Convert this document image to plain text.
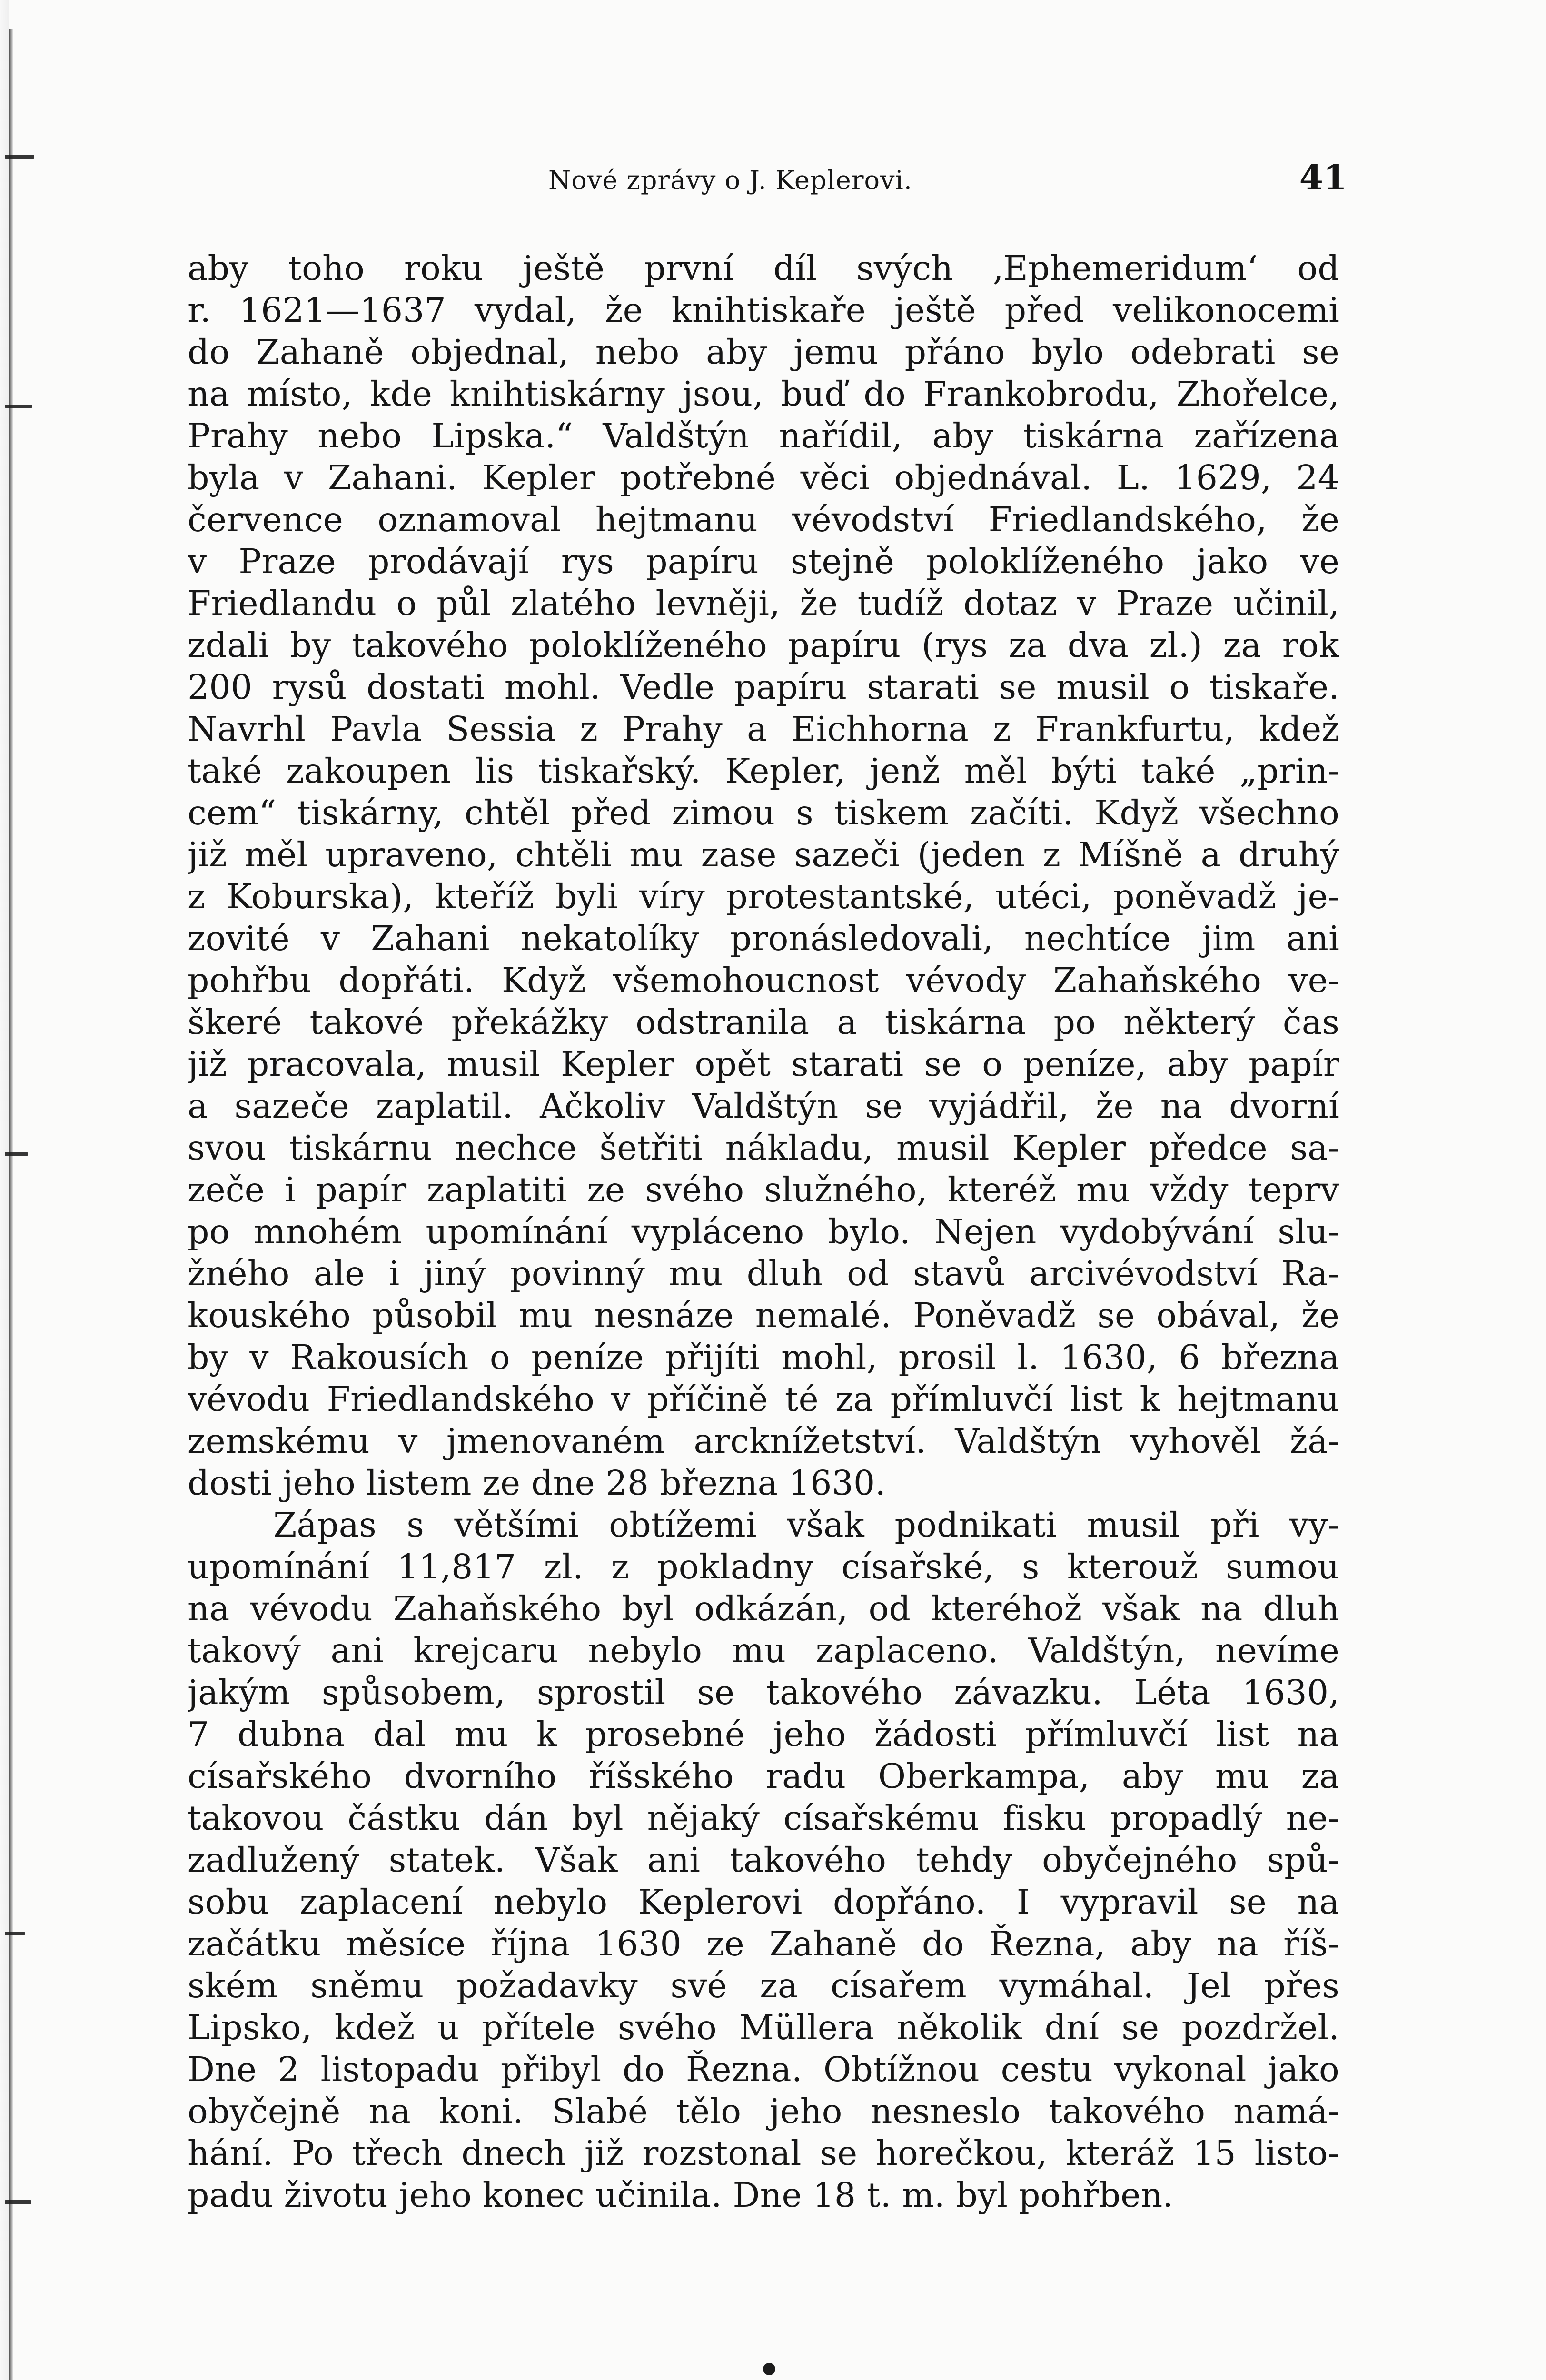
Nové zprávy o J. Keplerovi.	41
aby toho roku ještě první díl svých ‚Ephemeridum‘ od
r. 1621—1637 vydal, že knihtiskaře ještě před velikonocemi
do Zahaně objednal, nebo aby jemu přáno bylo odebrati se
na místo, kde knihtiskárny jsou, buď do Frankobrodu, Zhořelce,
Prahy nebo Lipska.“ Valdštýn nařídil, aby tiskárna zařízena
byla v Zahani. Kepler potřebné věci objednával. L. 1629, 24
července oznamoval hejtmanu vévodství Friedlandského, že
v Praze prodávají rys papíru stejně poloklíženého jako ve
Friedlandu o půl zlatého levněji, že tudíž dotaz v Praze učinil,
zdali by takového poloklíženého papíru (rys za dva zl.) za rok
200 rysů dostati mohl. Vedle papíru starati se musil o tiskaře.
Navrhl Pavla Sessia z Prahy a Eichhorna z Frankfurtu, kdež
také zakoupen lis tiskařský. Kepler, jenž měl býti také „prin-
cem“ tiskárny, chtěl před zimou s tiskem začíti. Když všechno
již měl upraveno, chtěli mu zase sazeči (jeden z Míšně a druhý
z Koburska), kteříž byli víry protestantské, utéci, poněvadž je-
zovité v Zahani nekatolíky pronásledovali, nechtíce jim ani
pohřbu dopřáti. Když všemohoucnost vévody Zahaňského ve-
škeré takové překážky odstranila a tiskárna po některý čas
již pracovala, musil Kepler opět starati se o peníze, aby papír
a sazeče zaplatil. Ačkoliv Valdštýn se vyjádřil, že na dvorní
svou tiskárnu nechce šetřiti nákladu, musil Kepler předce sa-
zeče i papír zaplatiti ze svého služného, kteréž mu vždy teprv
po mnohém upomínání vypláceno bylo. Nejen vydobývání slu-
žného ale i jiný povinný mu dluh od stavů arcivévodství Ra-
kouského působil mu nesnáze nemalé. Poněvadž se obával, že
by v Rakousích o peníze přijíti mohl, prosil l. 1630, 6 března
vévodu Friedlandského v příčině té za přímluvčí list k hejtmanu
zemskému v jmenovaném arcknížetství. Valdštýn vyhověl žá-
dosti jeho listem ze dne 28 března 1630.
Zápas s většími obtížemi však podnikati musil při vy-
upomínání 11,817 zl. z pokladny císařské, s kterouž sumou
na vévodu Zahaňského byl odkázán, od kteréhož však na dluh
takový ani krejcaru nebylo mu zaplaceno. Valdštýn, nevíme
jakým spůsobem, sprostil se takového závazku. Léta 1630,
7 dubna dal mu k prosebné jeho žádosti přímluvčí list na
císařského dvorního říšského radu Oberkampa, aby mu za
takovou částku dán byl nějaký císařskému fisku propadlý ne-
zadlužený statek. Však ani takového tehdy obyčejného spů-
sobu zaplacení nebylo Keplerovi dopřáno. I vypravil se na
začátku měsíce října 1630 ze Zahaně do Řezna, aby na říš-
ském sněmu požadavky své za císařem vymáhal. Jel přes
Lipsko, kdež u přítele svého Müllera několik dní se pozdržel.
Dne 2 listopadu přibyl do Řezna. Obtížnou cestu vykonal jako
obyčejně na koni. Slabé tělo jeho nesneslo takového namá-
hání. Po třech dnech již rozstonal se horečkou, kteráž 15 listo-
padu životu jeho konec učinila. Dne 18 t. m. byl pohřben.
